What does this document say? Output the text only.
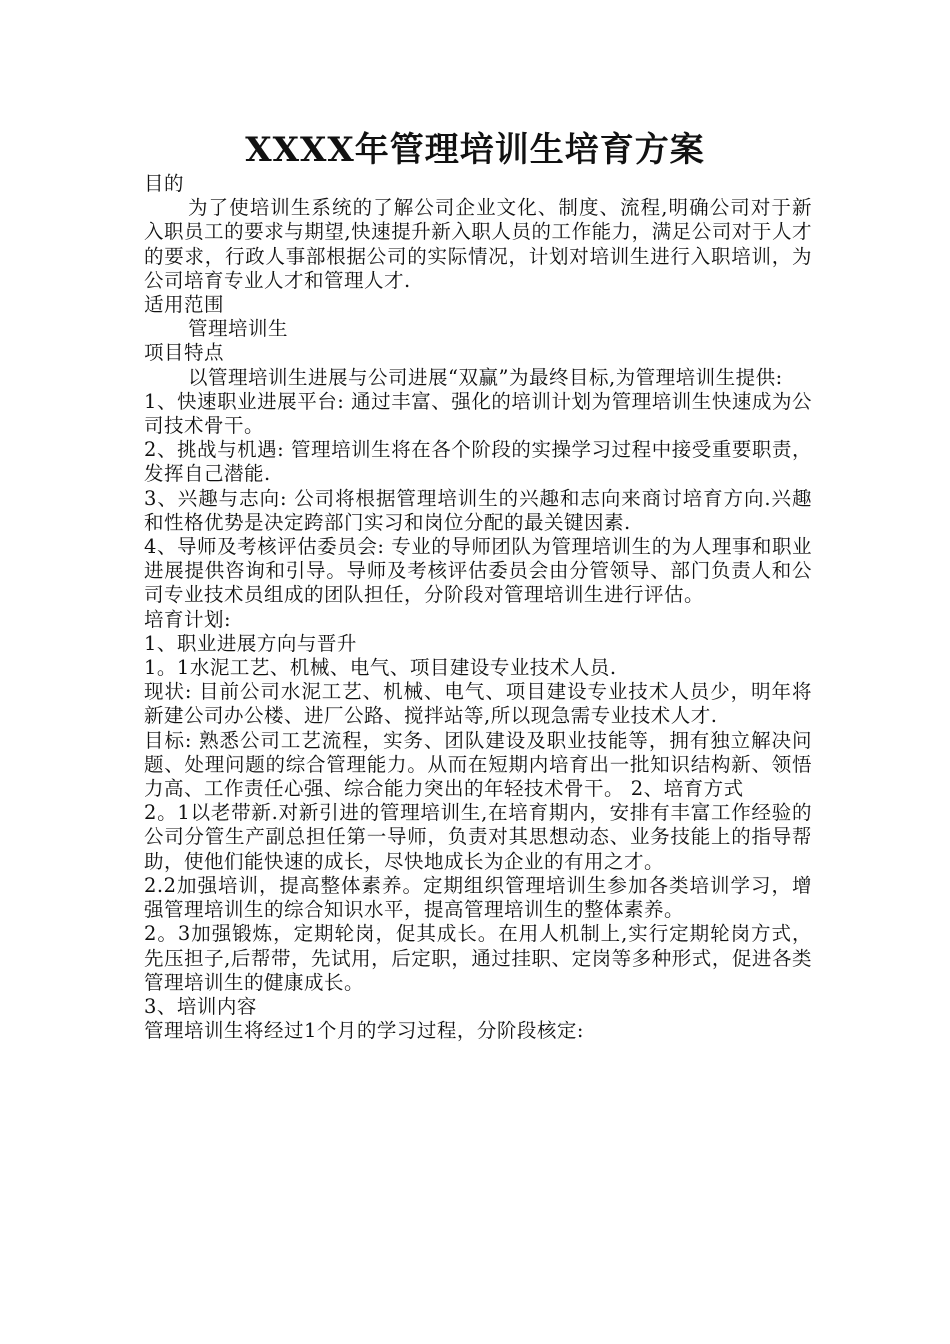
XXXX年管理培训生培育方案

目的

为了使培训生系统的了解公司企业文化、制度、流程,明确公司对于新入职员工的要求与期望,快速提升新入职人员的工作能力，满足公司对于人才的要求，行政人事部根据公司的实际情况，计划对培训生进行入职培训，为公司培育专业人才和管理人才.

适用范围

管理培训生

项目特点

以管理培训生进展与公司进展“双赢”为最终目标,为管理培训生提供:

1、快速职业进展平台: 通过丰富、强化的培训计划为管理培训生快速成为公司技术骨干。

2、挑战与机遇: 管理培训生将在各个阶段的实操学习过程中接受重要职责，发挥自己潜能.

3、兴趣与志向: 公司将根据管理培训生的兴趣和志向来商讨培育方向.兴趣和性格优势是决定跨部门实习和岗位分配的最关键因素.

4、导师及考核评估委员会: 专业的导师团队为管理培训生的为人理事和职业进展提供咨询和引导。导师及考核评估委员会由分管领导、部门负责人和公司专业技术员组成的团队担任，分阶段对管理培训生进行评估。

培育计划:

1、职业进展方向与晋升

1。1水泥工艺、机械、电气、项目建设专业技术人员.

现状: 目前公司水泥工艺、机械、电气、项目建设专业技术人员少，明年将新建公司办公楼、进厂公路、搅拌站等,所以现急需专业技术人才.

目标: 熟悉公司工艺流程，实务、团队建设及职业技能等，拥有独立解决问题、处理问题的综合管理能力。从而在短期内培育出一批知识结构新、领悟力高、工作责任心强、综合能力突出的年轻技术骨干。 2、培育方式

2。1以老带新.对新引进的管理培训生,在培育期内，安排有丰富工作经验的公司分管生产副总担任第一导师，负责对其思想动态、业务技能上的指导帮助，使他们能快速的成长，尽快地成长为企业的有用之才。

2.2加强培训，提高整体素养。定期组织管理培训生参加各类培训学习，增强管理培训生的综合知识水平，提高管理培训生的整体素养。

2。3加强锻炼，定期轮岗，促其成长。在用人机制上,实行定期轮岗方式，先压担子,后帮带，先试用，后定职，通过挂职、定岗等多种形式，促进各类管理培训生的健康成长。

3、培训内容

管理培训生将经过1个月的学习过程，分阶段核定:
